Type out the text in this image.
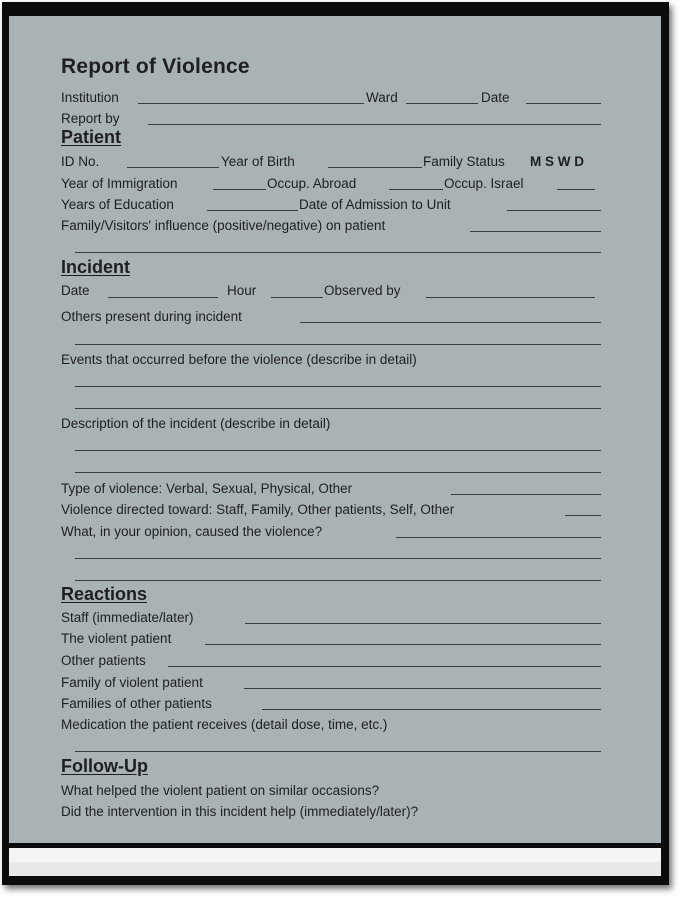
Report of Violence
Institution	Ward	Date
Report by
Patient
ID No.	Year of Birth	Family Status M S W D
Year of Immigration	Occup. Abroad	Occup. Israel
Years of Education	Date of Admission to Unit
Family/Visitors' influence (positive/negative) on patient
Incident
Date	Hour	Observed by
Others present during incident
Events that occurred before the violence (describe in detail)
Description of the incident (describe in detail)
Type of violence: Verbal, Sexual, Physical, Other
Violence directed toward: Staff, Family, Other patients, Self, Other
What, in your opinion, caused the violence?
Reactions
Staff (immediate/later)
The violent patient
Other patients
Family of violent patient
Families of other patients
Medication the patient receives (detail dose, time, etc.)
Follow-Up
What helped the violent patient on similar occasions?
Did the intervention in this incident help (immediately/later)?
